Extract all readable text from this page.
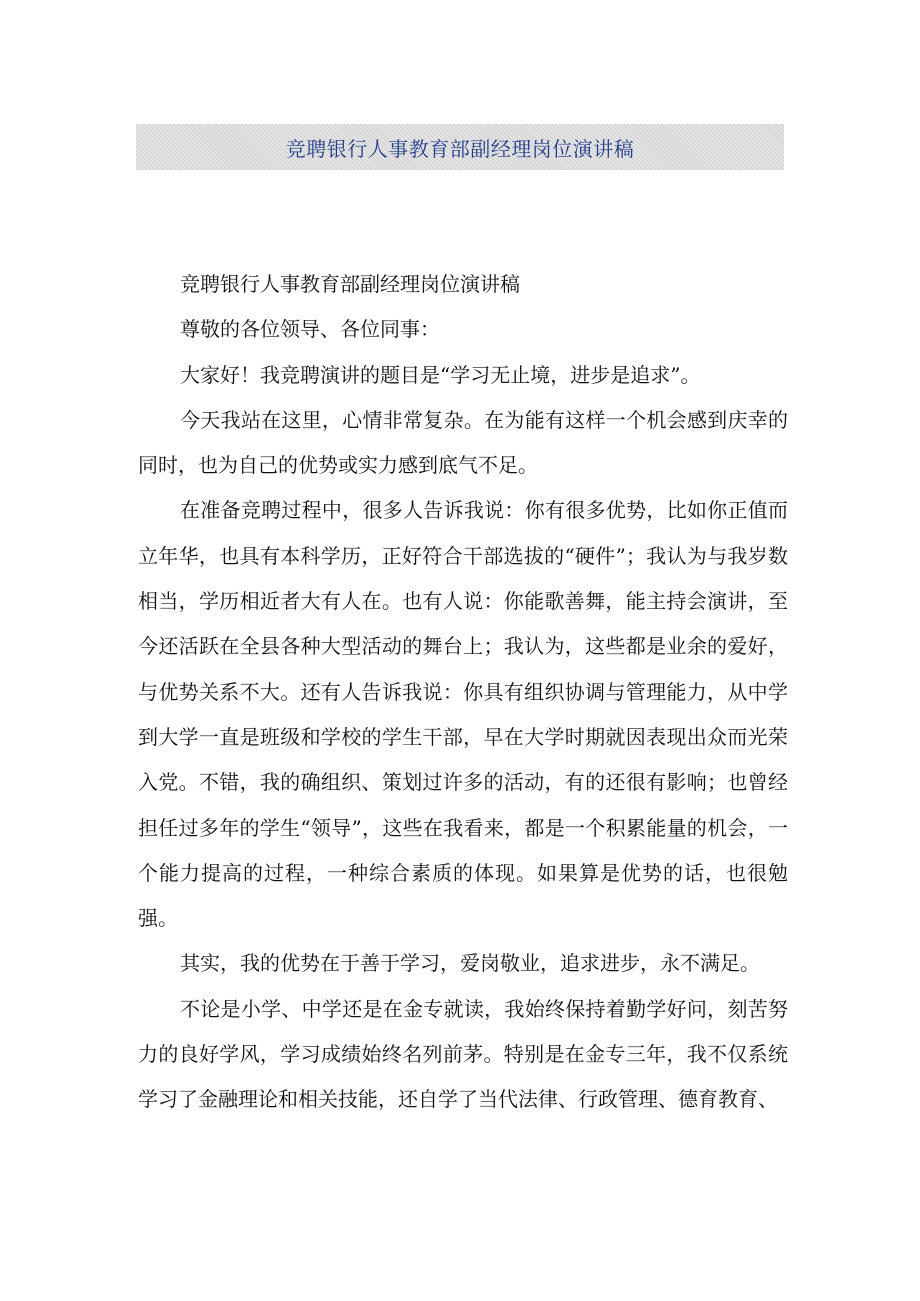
竞聘银行人事教育部副经理岗位演讲稿

竞聘银行人事教育部副经理岗位演讲稿

尊敬的各位领导、各位同事：

大家好！我竞聘演讲的题目是“学习无止境，进步是追求”。

今天我站在这里，心情非常复杂。在为能有这样一个机会感到庆幸的同时，也为自己的优势或实力感到底气不足。

在准备竞聘过程中，很多人告诉我说：你有很多优势，比如你正值而立年华，也具有本科学历，正好符合干部选拔的“硬件”；我认为与我岁数相当，学历相近者大有人在。也有人说：你能歌善舞，能主持会演讲，至今还活跃在全县各种大型活动的舞台上；我认为，这些都是业余的爱好，与优势关系不大。还有人告诉我说：你具有组织协调与管理能力，从中学到大学一直是班级和学校的学生干部，早在大学时期就因表现出众而光荣入党。不错，我的确组织、策划过许多的活动，有的还很有影响；也曾经担任过多年的学生“领导”，这些在我看来，都是一个积累能量的机会，一个能力提高的过程，一种综合素质的体现。如果算是优势的话，也很勉强。

其实，我的优势在于善于学习，爱岗敬业，追求进步，永不满足。

不论是小学、中学还是在金专就读，我始终保持着勤学好问，刻苦努力的良好学风，学习成绩始终名列前茅。特别是在金专三年，我不仅系统学习了金融理论和相关技能，还自学了当代法律、行政管理、德育教育、
